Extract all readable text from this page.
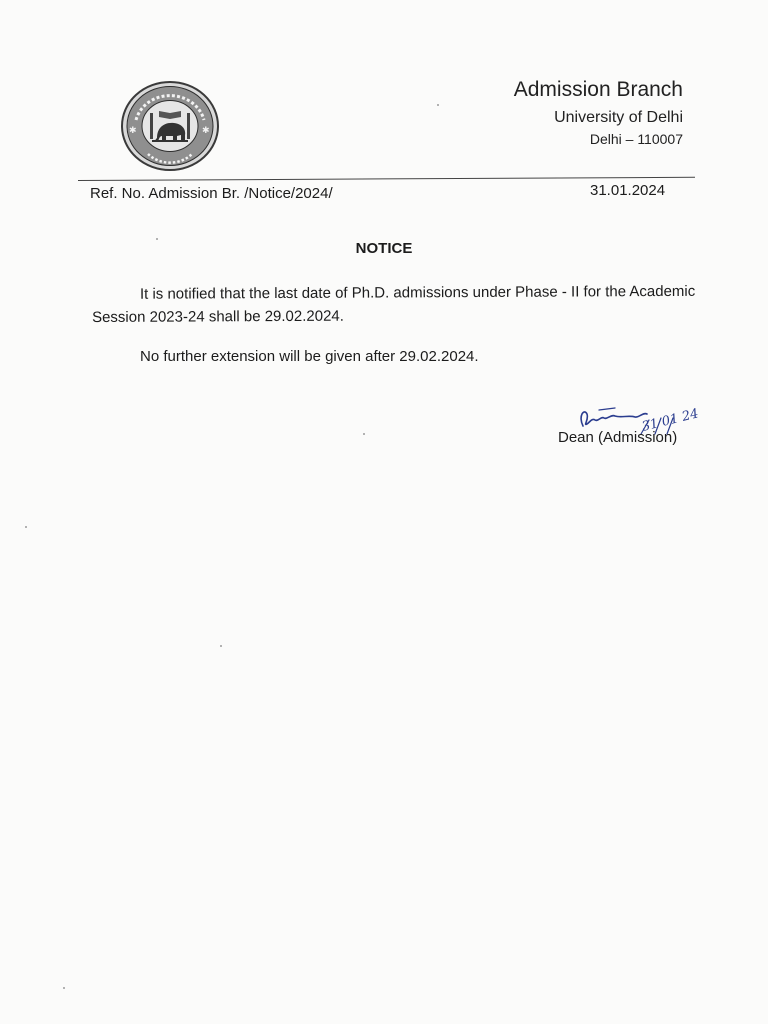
✱	✱

Admission Branch

University of Delhi

Delhi – 110007

Ref. No. Admission Br. /Notice/2024/	31.01.2024

NOTICE

It is notified that the last date of Ph.D. admissions under Phase - II for the Academic Session 2023-24 shall be 29.02.2024.

No further extension will be given after 29.02.2024.

31 01 24

Dean (Admission)
